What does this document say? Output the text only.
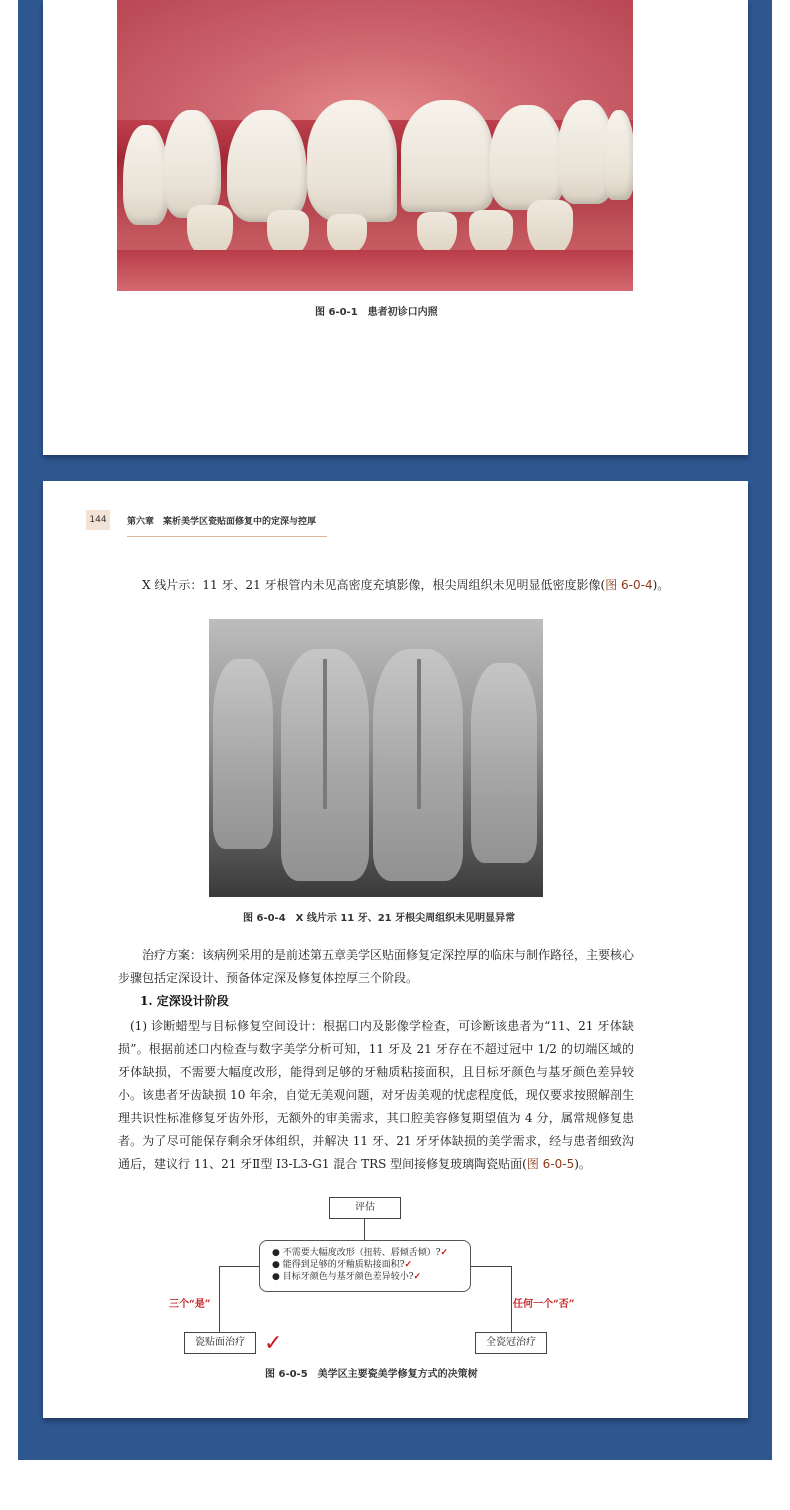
图 6-0-1　患者初诊口内照
144	第六章　案析美学区瓷贴面修复中的定深与控厚
X 线片示：11 牙、21 牙根管内未见高密度充填影像，根尖周组织未见明显低密度影像(图 6-0-4)。
图 6-0-4　X 线片示 11 牙、21 牙根尖周组织未见明显异常
治疗方案：该病例采用的是前述第五章美学区贴面修复定深控厚的临床与制作路径，主要核心步骤包括定深设计、预备体定深及修复体控厚三个阶段。
1. 定深设计阶段
(1) 诊断蜡型与目标修复空间设计：根据口内及影像学检查，可诊断该患者为“11、21 牙体缺损”。根据前述口内检查与数字美学分析可知，11 牙及 21 牙存在不超过冠中 1/2 的切端区域的牙体缺损，不需要大幅度改形，能得到足够的牙釉质粘接面积，且目标牙颜色与基牙颜色差异较小。该患者牙齿缺损 10 年余，自觉无美观问题，对牙齿美观的忧虑程度低，现仅要求按照解剖生理共识性标准修复牙齿外形，无额外的审美需求，其口腔美容修复期望值为 4 分，属常规修复患者。为了尽可能保存剩余牙体组织，并解决 11 牙、21 牙牙体缺损的美学需求，经与患者细致沟通后，建议行 11、21 牙Ⅱ型 I3-L3-G1 混合 TRS 型间接修复玻璃陶瓷贴面(图 6-0-5)。
评估
● 不需要大幅度改形（扭转、唇倾舌倾）?✓
● 能得到足够的牙釉质粘接面积?✓
● 目标牙颜色与基牙颜色差异较小?✓
三个“是”	任何一个“否”
瓷贴面治疗 ✓	全瓷冠治疗
图 6-0-5　美学区主要瓷美学修复方式的决策树
